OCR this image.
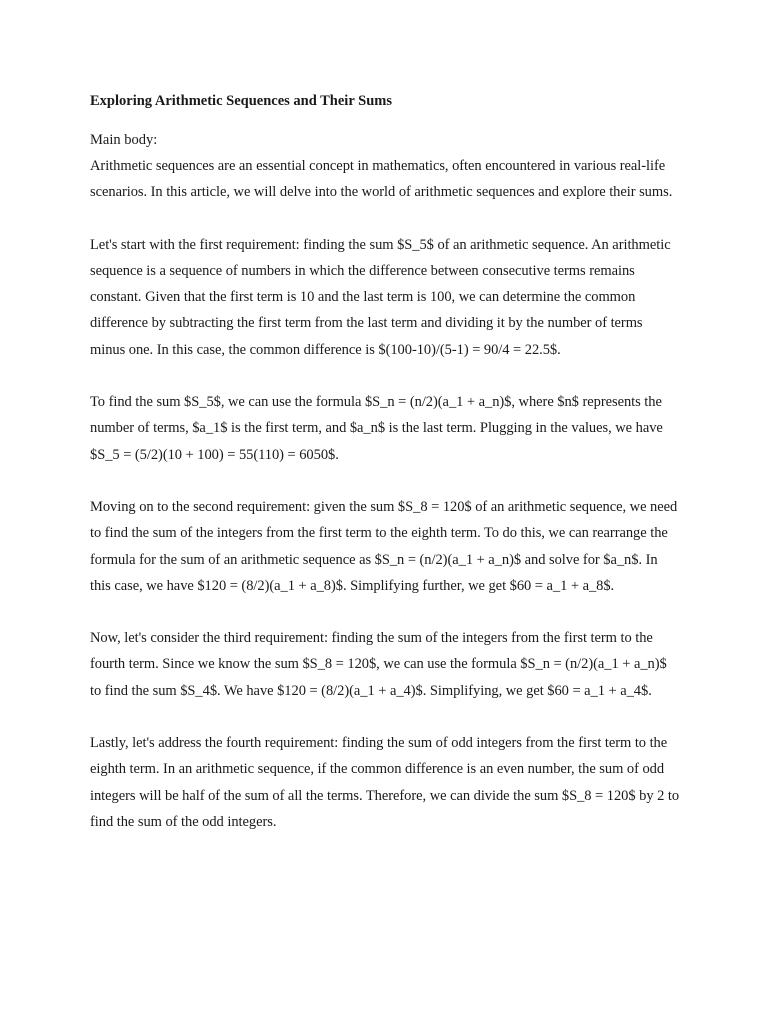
Exploring Arithmetic Sequences and Their Sums

Main body:

Arithmetic sequences are an essential concept in mathematics, often encountered in various real-life scenarios. In this article, we will delve into the world of arithmetic sequences and explore their sums.

Let's start with the first requirement: finding the sum $S_5$ of an arithmetic sequence. An arithmetic sequence is a sequence of numbers in which the difference between consecutive terms remains constant. Given that the first term is 10 and the last term is 100, we can determine the common difference by subtracting the first term from the last term and dividing it by the number of terms minus one. In this case, the common difference is $(100-10)/(5-1) = 90/4 = 22.5$.

To find the sum $S_5$, we can use the formula $S_n = (n/2)(a_1 + a_n)$, where $n$ represents the number of terms, $a_1$ is the first term, and $a_n$ is the last term. Plugging in the values, we have $S_5 = (5/2)(10 + 100) = 55(110) = 6050$.

Moving on to the second requirement: given the sum $S_8 = 120$ of an arithmetic sequence, we need to find the sum of the integers from the first term to the eighth term. To do this, we can rearrange the formula for the sum of an arithmetic sequence as $S_n = (n/2)(a_1 + a_n)$ and solve for $a_n$. In this case, we have $120 = (8/2)(a_1 + a_8)$. Simplifying further, we get $60 = a_1 + a_8$.

Now, let's consider the third requirement: finding the sum of the integers from the first term to the fourth term. Since we know the sum $S_8 = 120$, we can use the formula $S_n = (n/2)(a_1 + a_n)$ to find the sum $S_4$. We have $120 = (8/2)(a_1 + a_4)$. Simplifying, we get $60 = a_1 + a_4$.

Lastly, let's address the fourth requirement: finding the sum of odd integers from the first term to the eighth term. In an arithmetic sequence, if the common difference is an even number, the sum of odd integers will be half of the sum of all the terms. Therefore, we can divide the sum $S_8 = 120$ by 2 to find the sum of the odd integers.
